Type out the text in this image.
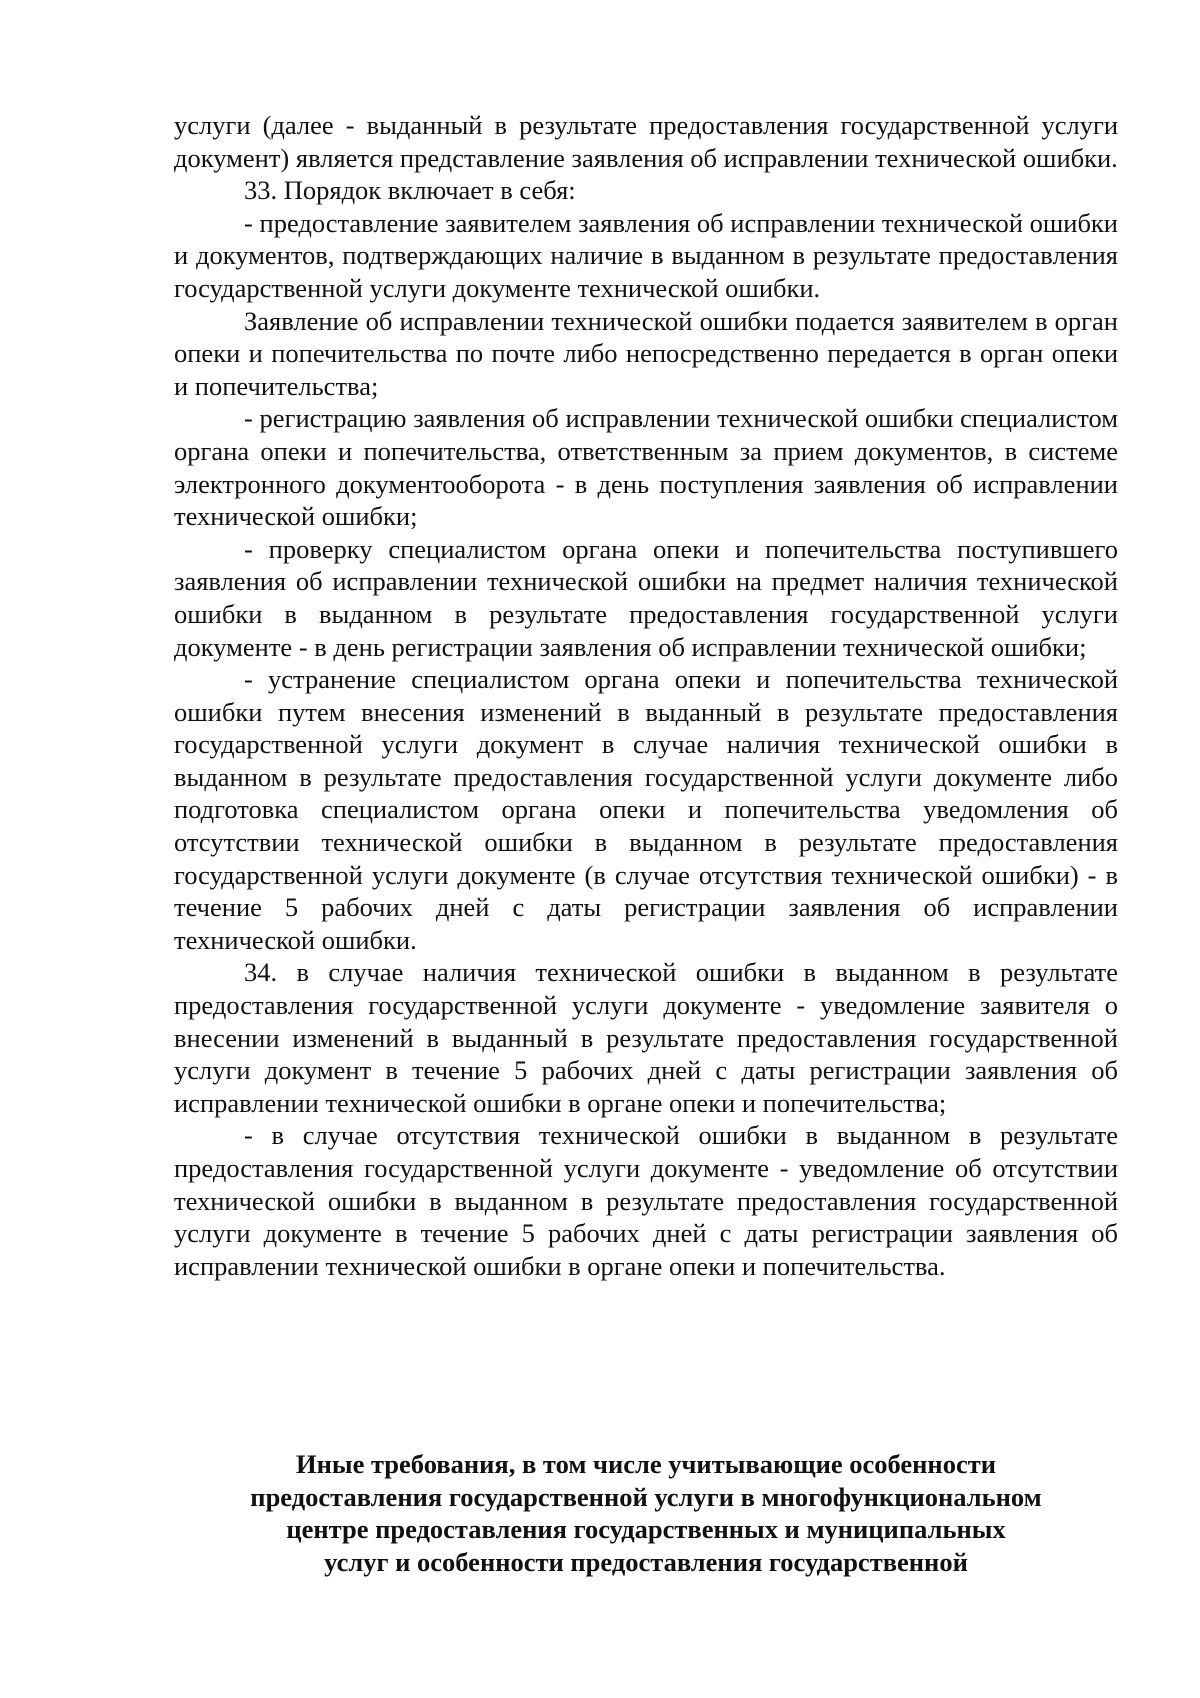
услуги (далее - выданный в результате предоставления государственной услуги документ) является представление заявления об исправлении технической ошибки.

33. Порядок включает в себя:

- предоставление заявителем заявления об исправлении технической ошибки и документов, подтверждающих наличие в выданном в результате предоставления государственной услуги документе технической ошибки.

Заявление об исправлении технической ошибки подается заявителем в орган опеки и попечительства по почте либо непосредственно передается в орган опеки и попечительства;

- регистрацию заявления об исправлении технической ошибки специалистом органа опеки и попечительства, ответственным за прием документов, в системе электронного документооборота - в день поступления заявления об исправлении технической ошибки;

- проверку специалистом органа опеки и попечительства поступившего заявления об исправлении технической ошибки на предмет наличия технической ошибки в выданном в результате предоставления государственной услуги документе - в день регистрации заявления об исправлении технической ошибки;

- устранение специалистом органа опеки и попечительства технической ошибки путем внесения изменений в выданный в результате предоставления государственной услуги документ в случае наличия технической ошибки в выданном в результате предоставления государственной услуги документе либо подготовка специалистом органа опеки и попечительства уведомления об отсутствии технической ошибки в выданном в результате предоставления государственной услуги документе (в случае отсутствия технической ошибки) - в течение 5 рабочих дней с даты регистрации заявления об исправлении технической ошибки.

34. в случае наличия технической ошибки в выданном в результате предоставления государственной услуги документе - уведомление заявителя о внесении изменений в выданный в результате предоставления государственной услуги документ в течение 5 рабочих дней с даты регистрации заявления об исправлении технической ошибки в органе опеки и попечительства;

- в случае отсутствия технической ошибки в выданном в результате предоставления государственной услуги документе - уведомление об отсутствии технической ошибки в выданном в результате предоставления государственной услуги документе в течение 5 рабочих дней с даты регистрации заявления об исправлении технической ошибки в органе опеки и попечительства.

Иные требования, в том числе учитывающие особенности
предоставления государственной услуги в многофункциональном
центре предоставления государственных и муниципальных
услуг и особенности предоставления государственной
